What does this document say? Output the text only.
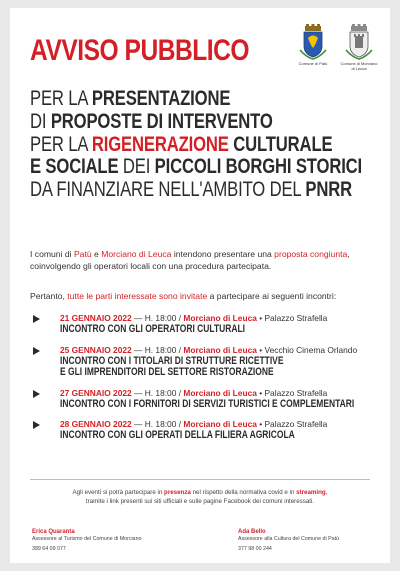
AVVISO PUBBLICO	Comune di Patù	Comune di Morciano di Leuca
PER LA PRESENTAZIONE
DI PROPOSTE DI INTERVENTO
PER LA RIGENERAZIONE CULTURALE
E SOCIALE DEI PICCOLI BORGHI STORICI
DA FINANZIARE NELL'AMBITO DEL PNRR

I comuni di Patù e Morciano di Leuca intendono presentare una proposta congiunta, coinvolgendo gli operatori locali con una procedura partecipata.

Pertanto, tutte le parti interessate sono invitate a partecipare ai seguenti incontri:

21 GENNAIO 2022 — H. 18:00 / Morciano di Leuca • Palazzo Strafella
INCONTRO CON GLI OPERATORI CULTURALI
25 GENNAIO 2022 — H. 18:00 / Morciano di Leuca • Vecchio Cinema Orlando
INCONTRO CON I TITOLARI DI STRUTTURE RICETTIVE
E GLI IMPRENDITORI DEL SETTORE RISTORAZIONE
27 GENNAIO 2022 — H. 18:00 / Morciano di Leuca • Palazzo Strafella
INCONTRO CON I FORNITORI DI SERVIZI TURISTICI E COMPLEMENTARI
28 GENNAIO 2022 — H. 18:00 / Morciano di Leuca • Palazzo Strafella
INCONTRO CON GLI OPERATI DELLA FILIERA AGRICOLA
Agli eventi si potrà partecipare in presenza nel rispetto della normativa covid e in streaming,
tramite i link presenti sui siti ufficiali e sulle pagine Facebook dei comuni interessati.
Erica Quaranta
Assessore al Turismo del Comune di Morciano
389 64 09 077
Ada Bello
Assessore alla Cultura del Comune di Patù
377 98 00 244
